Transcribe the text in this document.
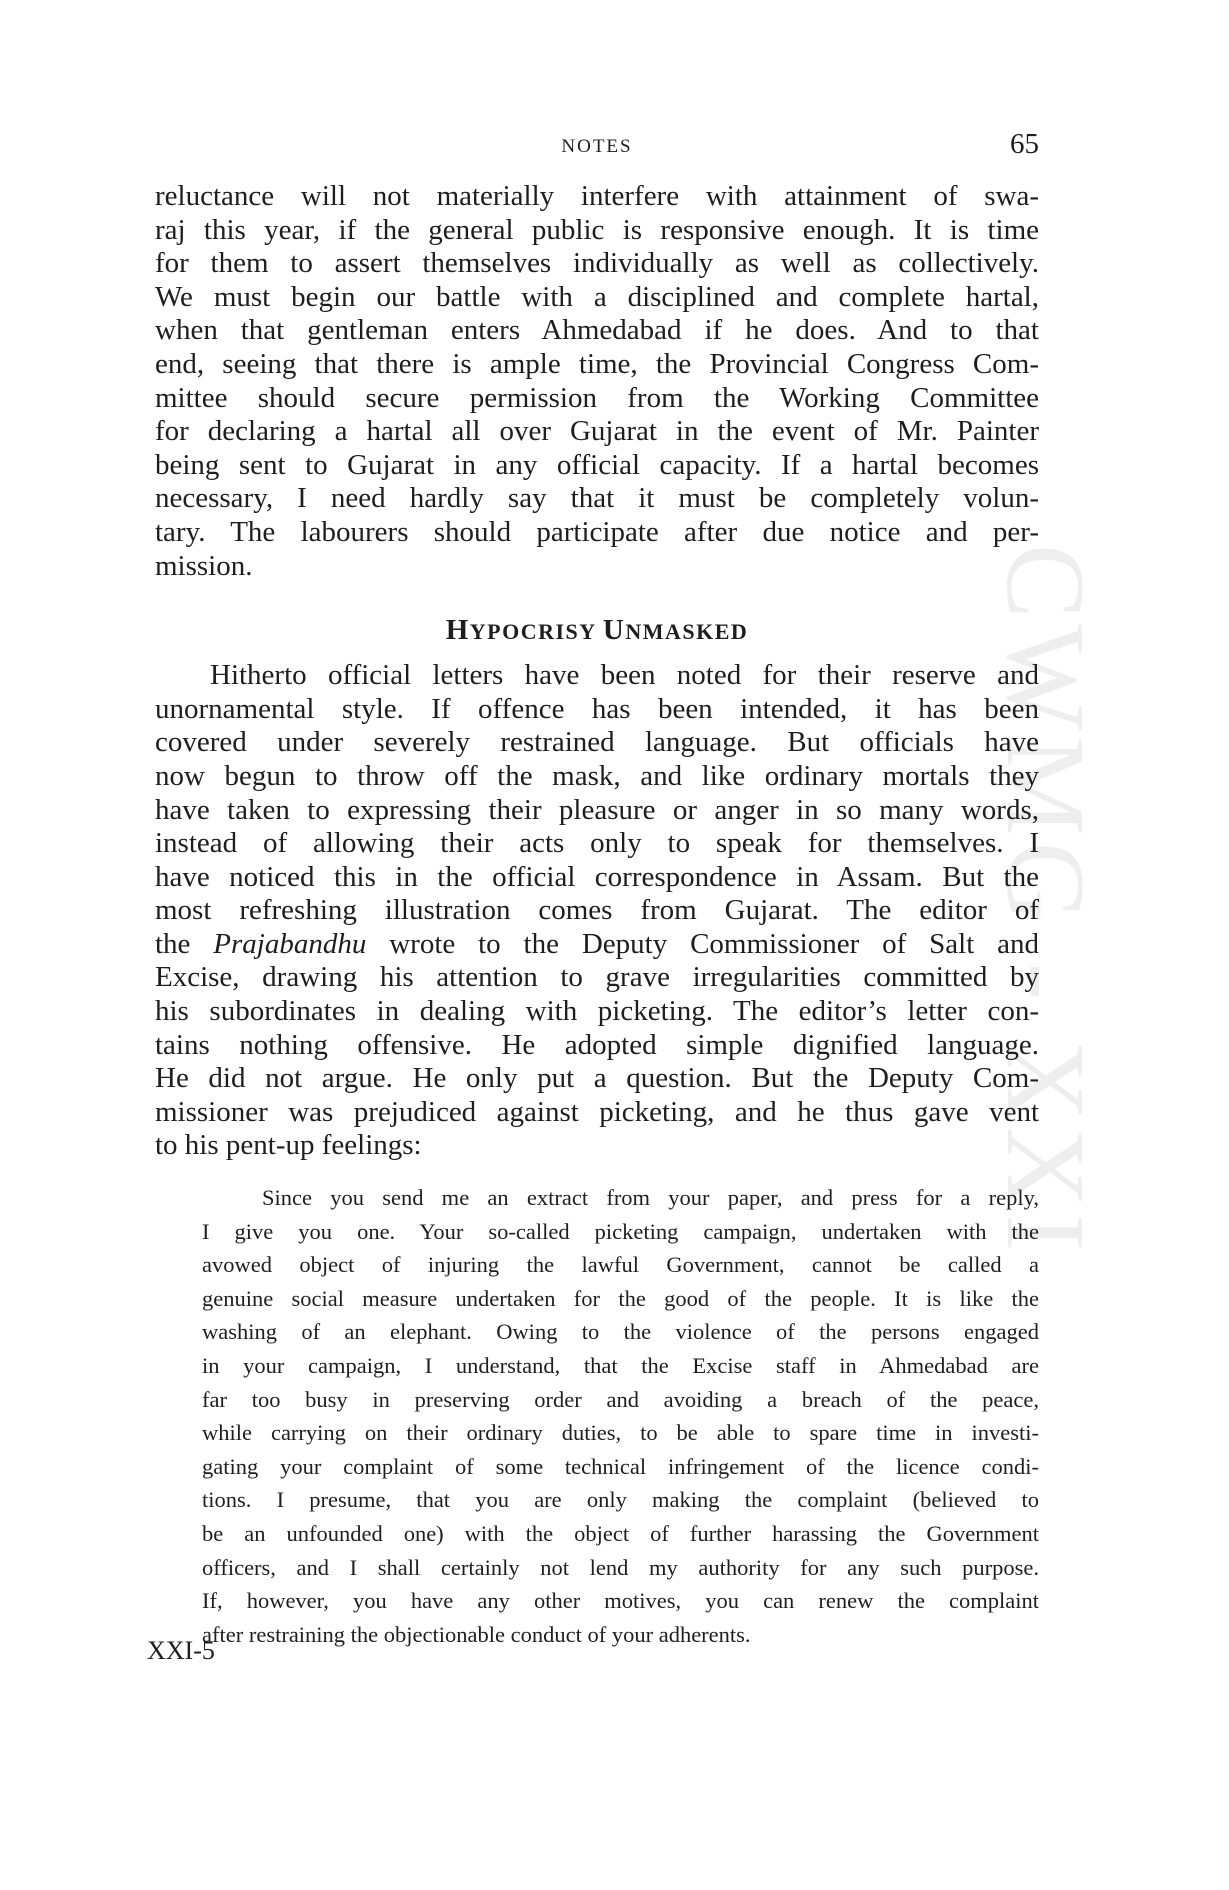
CWMG - XXI
NOTES	65

reluctance will not materially interfere with attainment of swa-
raj this year, if the general public is responsive enough. It is time
for them to assert themselves individually as well as collectively.
We must begin our battle with a disciplined and complete hartal,
when that gentleman enters Ahmedabad if he does. And to that
end, seeing that there is ample time, the Provincial Congress Com-
mittee should secure permission from the Working Committee
for declaring a hartal all over Gujarat in the event of Mr. Painter
being sent to Gujarat in any official capacity. If a hartal becomes
necessary, I need hardly say that it must be completely volun-
tary. The labourers should participate after due notice and per-
mission.

HYPOCRISY UNMASKED

Hitherto official letters have been noted for their reserve and
unornamental style. If offence has been intended, it has been
covered under severely restrained language. But officials have
now begun to throw off the mask, and like ordinary mortals they
have taken to expressing their pleasure or anger in so many words,
instead of allowing their acts only to speak for themselves. I
have noticed this in the official correspondence in Assam. But the
most refreshing illustration comes from Gujarat. The editor of
the Prajabandhu wrote to the Deputy Commissioner of Salt and
Excise, drawing his attention to grave irregularities committed by
his subordinates in dealing with picketing. The editor’s letter con-
tains nothing offensive. He adopted simple dignified language.
He did not argue. He only put a question. But the Deputy Com-
missioner was prejudiced against picketing, and he thus gave vent
to his pent-up feelings:

Since you send me an extract from your paper, and press for a reply,
I give you one. Your so-called picketing campaign, undertaken with the
avowed object of injuring the lawful Government, cannot be called a
genuine social measure undertaken for the good of the people. It is like the
washing of an elephant. Owing to the violence of the persons engaged
in your campaign, I understand, that the Excise staff in Ahmedabad are
far too busy in preserving order and avoiding a breach of the peace,
while carrying on their ordinary duties, to be able to spare time in investi-
gating your complaint of some technical infringement of the licence condi-
tions. I presume, that you are only making the complaint (believed to
be an unfounded one) with the object of further harassing the Government
officers, and I shall certainly not lend my authority for any such purpose.
If, however, you have any other motives, you can renew the complaint
after restraining the objectionable conduct of your adherents.

XXI-5
